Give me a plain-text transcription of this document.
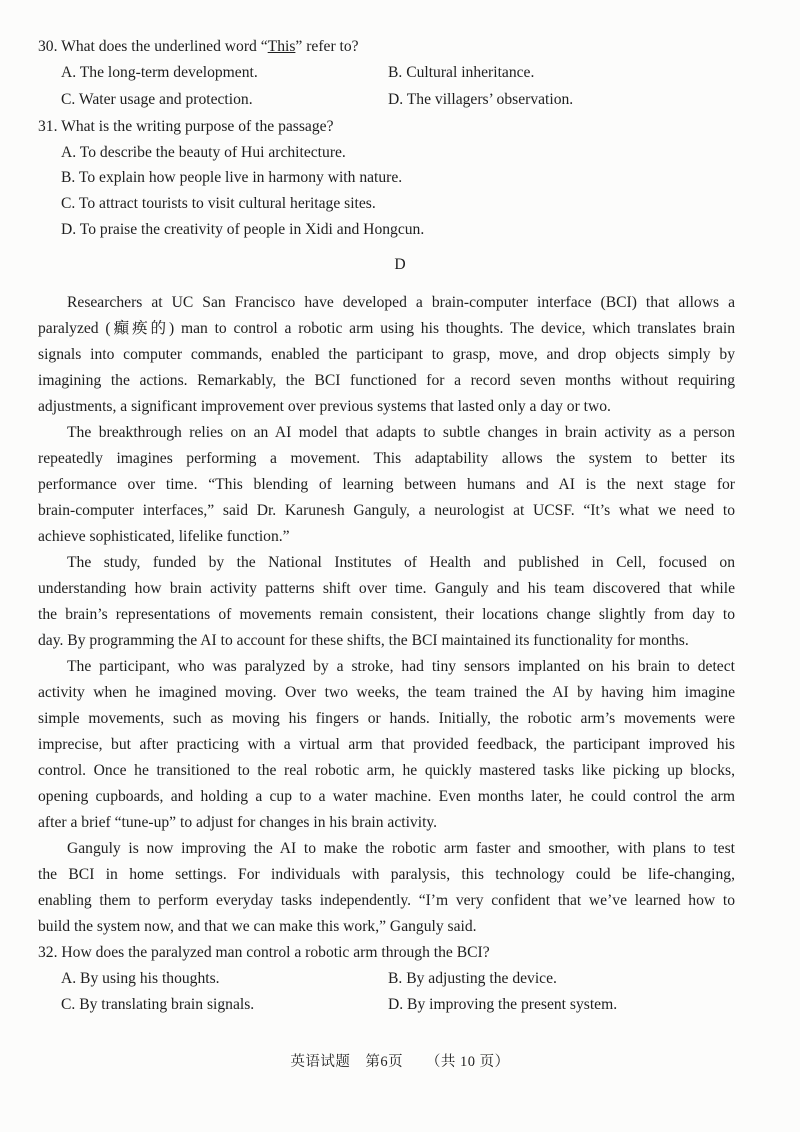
30. What does the underlined word “This” refer to?
A. The long-term development.	B. Cultural inheritance.
C. Water usage and protection.	D. The villagers’ observation.
31. What is the writing purpose of the passage?
A. To describe the beauty of Hui architecture.
B. To explain how people live in harmony with nature.
C. To attract tourists to visit cultural heritage sites.
D. To praise the creativity of people in Xidi and Hongcun.
D
Researchers at UC San Francisco have developed a brain-computer interface (BCI) that allows a
paralyzed (癲痪的) man to control a robotic arm using his thoughts. The device, which translates brain
signals into computer commands, enabled the participant to grasp, move, and drop objects simply by
imagining the actions. Remarkably, the BCI functioned for a record seven months without requiring
adjustments, a significant improvement over previous systems that lasted only a day or two.
The breakthrough relies on an AI model that adapts to subtle changes in brain activity as a person
repeatedly imagines performing a movement. This adaptability allows the system to better its
performance over time. “This blending of learning between humans and AI is the next stage for
brain-computer interfaces,” said Dr. Karunesh Ganguly, a neurologist at UCSF. “It’s what we need to
achieve sophisticated, lifelike function.”
The study, funded by the National Institutes of Health and published in Cell, focused on
understanding how brain activity patterns shift over time. Ganguly and his team discovered that while
the brain’s representations of movements remain consistent, their locations change slightly from day to
day. By programming the AI to account for these shifts, the BCI maintained its functionality for months.
The participant, who was paralyzed by a stroke, had tiny sensors implanted on his brain to detect
activity when he imagined moving. Over two weeks, the team trained the AI by having him imagine
simple movements, such as moving his fingers or hands. Initially, the robotic arm’s movements were
imprecise, but after practicing with a virtual arm that provided feedback, the participant improved his
control. Once he transitioned to the real robotic arm, he quickly mastered tasks like picking up blocks,
opening cupboards, and holding a cup to a water machine. Even months later, he could control the arm
after a brief “tune-up” to adjust for changes in his brain activity.
Ganguly is now improving the AI to make the robotic arm faster and smoother, with plans to test
the BCI in home settings. For individuals with paralysis, this technology could be life-changing,
enabling them to perform everyday tasks independently. “I’m very confident that we’ve learned how to
build the system now, and that we can make this work,” Ganguly said.
32. How does the paralyzed man control a robotic arm through the BCI?
A. By using his thoughts.	B. By adjusting the device.
C. By translating brain signals.	D. By improving the present system.
英语试题　第6页　　（共 10 页）
